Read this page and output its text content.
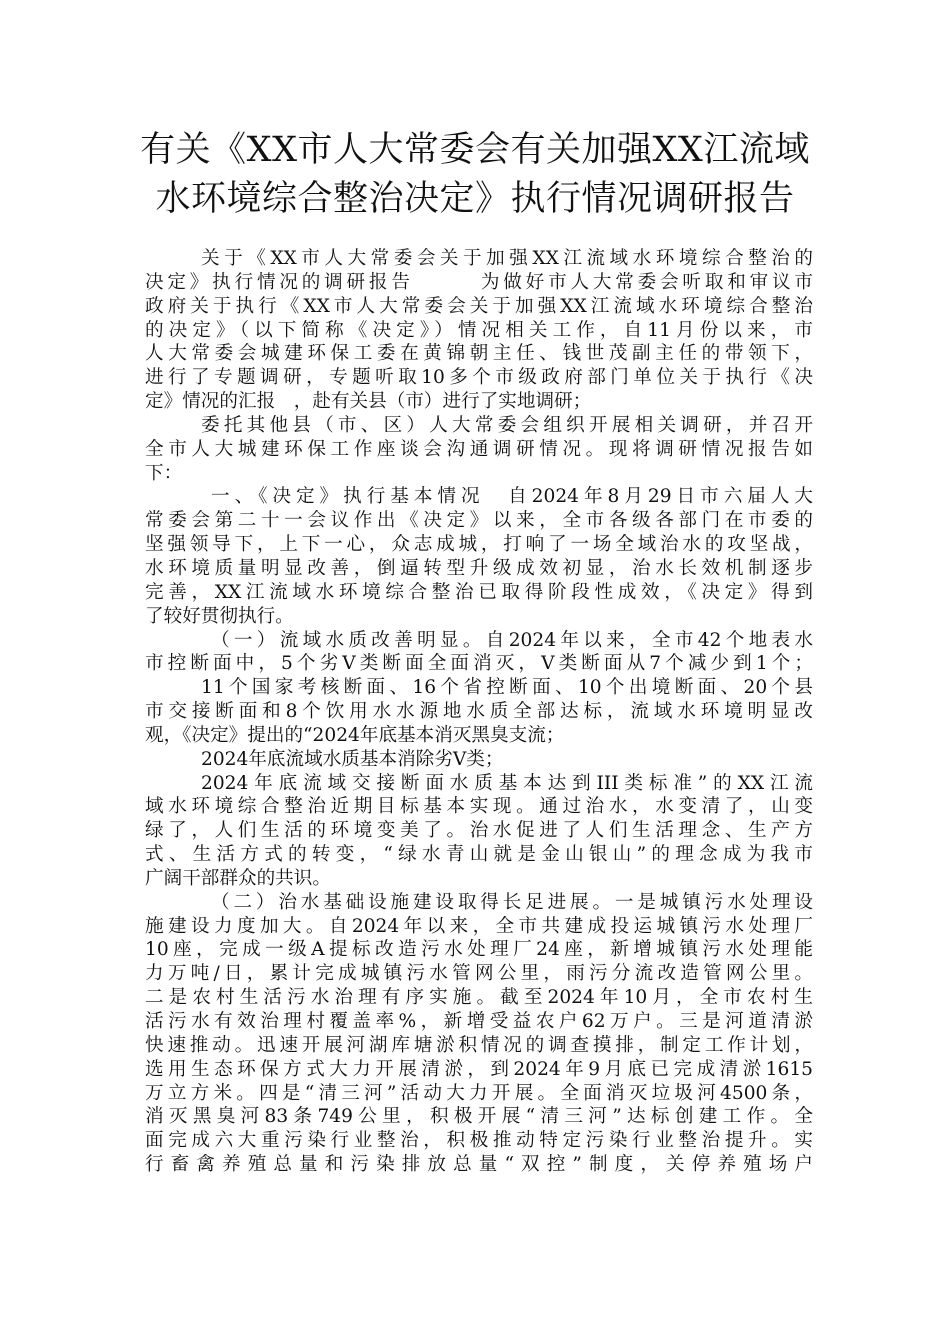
有关《XX市人大常委会有关加强XX江流域
水环境综合整治决定》执行情况调研报告
关于《XX市人大常委会关于加强XX江流域水环境综合整治的
决定》执行情况的调研报告　　　为做好市人大常委会听取和审议市
政府关于执行《XX市人大常委会关于加强XX江流域水环境综合整治
的决定》（以下简称《决定》）情况相关工作，自11月份以来，市
人大常委会城建环保工委在黄锦朝主任、钱世茂副主任的带领下，
进行了专题调研，专题听取10多个市级政府部门单位关于执行《决
定》情况的汇报　，赴有关县（市）进行了实地调研；
委托其他县（市、区）人大常委会组织开展相关调研，并召开
全市人大城建环保工作座谈会沟通调研情况。现将调研情况报告如
下：
一、《决定》执行基本情况　自2024年8月29日市六届人大
常委会第二十一会议作出《决定》以来，全市各级各部门在市委的
坚强领导下，上下一心，众志成城，打响了一场全域治水的攻坚战，
水环境质量明显改善，倒逼转型升级成效初显，治水长效机制逐步
完善，XX江流域水环境综合整治已取得阶段性成效，《决定》得到
了较好贯彻执行。
（一）流域水质改善明显。自2024年以来，全市42个地表水
市控断面中，5个劣Ⅴ类断面全面消灭，Ⅴ类断面从7个减少到1个；
11个国家考核断面、16个省控断面、10个出境断面、20个县
市交接断面和8个饮用水水源地水质全部达标，流域水环境明显改
观，《决定》提出的“2024年底基本消灭黑臭支流；
2024年底流域水质基本消除劣Ⅴ类；
2024年底流域交接断面水质基本达到III类标准”的XX江流
域水环境综合整治近期目标基本实现。通过治水，水变清了，山变
绿了，人们生活的环境变美了。治水促进了人们生活理念、生产方
式、生活方式的转变，“绿水青山就是金山银山”的理念成为我市
广阔干部群众的共识。
（二）治水基础设施建设取得长足进展。一是城镇污水处理设
施建设力度加大。自2024年以来，全市共建成投运城镇污水处理厂
10座，完成一级A提标改造污水处理厂24座，新增城镇污水处理能
力万吨/日，累计完成城镇污水管网公里，雨污分流改造管网公里。
二是农村生活污水治理有序实施。截至2024年10月，全市农村生
活污水有效治理村覆盖率%，新增受益农户62万户。三是河道清淤
快速推动。迅速开展河湖库塘淤积情况的调查摸排，制定工作计划，
选用生态环保方式大力开展清淤，到2024年9月底已完成清淤1615
万立方米。四是“清三河”活动大力开展。全面消灭垃圾河4500条，
消灭黑臭河83条749公里，积极开展“清三河”达标创建工作。全
面完成六大重污染行业整治，积极推动特定污染行业整治提升。实
行畜禽养殖总量和污染排放总量“双控”制度，关停养殖场户
